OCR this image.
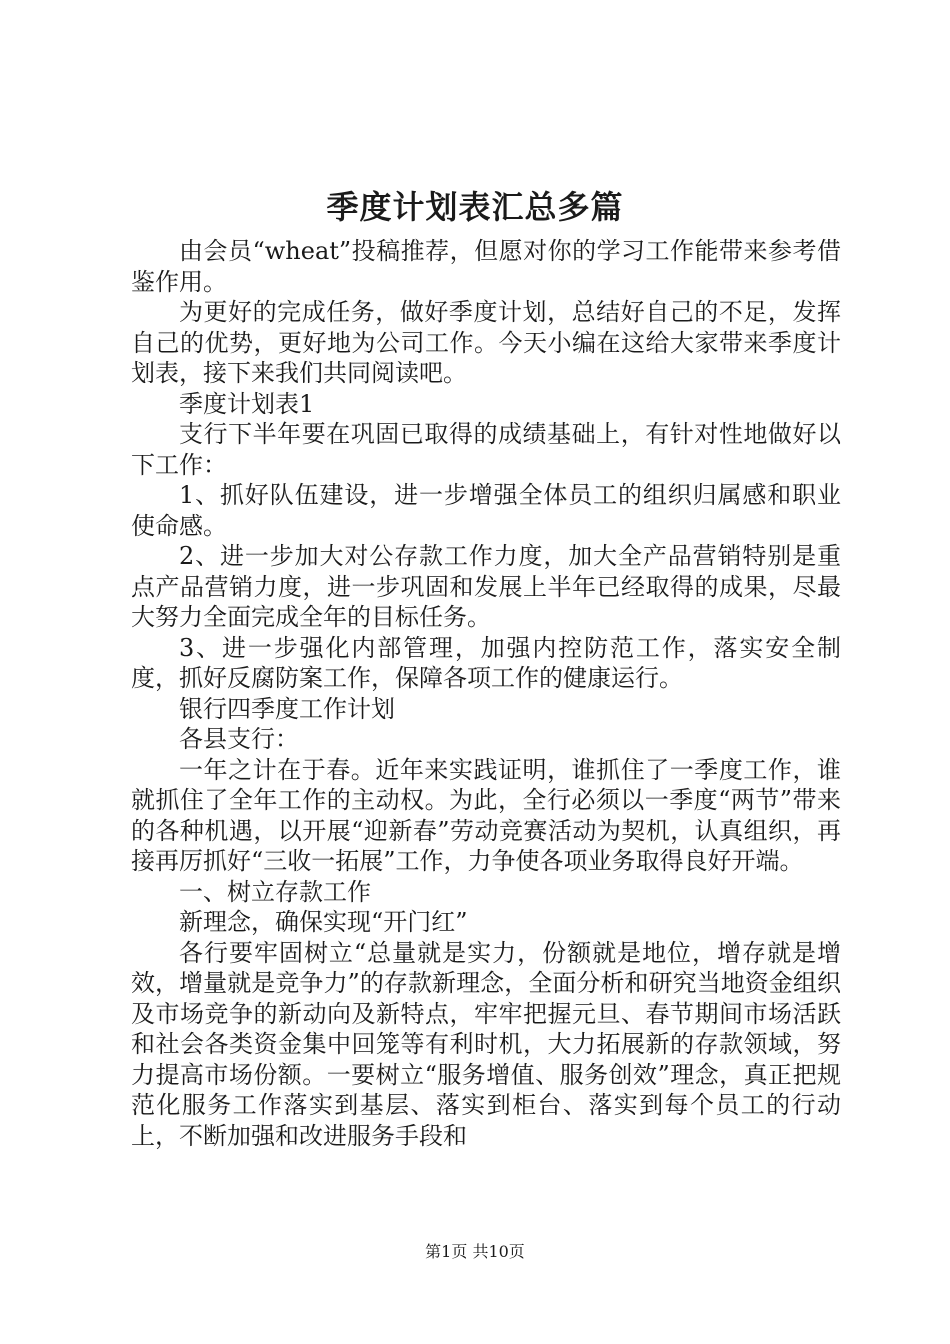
季度计划表汇总多篇

由会员“wheat”投稿推荐，但愿对你的学习工作能带来参考借鉴作用。

为更好的完成任务，做好季度计划，总结好自己的不足，发挥自己的优势，更好地为公司工作。今天小编在这给大家带来季度计划表，接下来我们共同阅读吧。

季度计划表1

支行下半年要在巩固已取得的成绩基础上，有针对性地做好以下工作：

1、抓好队伍建设，进一步增强全体员工的组织归属感和职业使命感。

2、进一步加大对公存款工作力度，加大全产品营销特别是重点产品营销力度，进一步巩固和发展上半年已经取得的成果，尽最大努力全面完成全年的目标任务。

3、进一步强化内部管理，加强内控防范工作，落实安全制度，抓好反腐防案工作，保障各项工作的健康运行。

银行四季度工作计划

各县支行：

一年之计在于春。近年来实践证明，谁抓住了一季度工作，谁就抓住了全年工作的主动权。为此，全行必须以一季度“两节”带来的各种机遇，以开展“迎新春”劳动竞赛活动为契机，认真组织，再接再厉抓好“三收一拓展”工作，力争使各项业务取得良好开端。

一、树立存款工作

新理念，确保实现“开门红”

各行要牢固树立“总量就是实力，份额就是地位，增存就是增效，增量就是竞争力”的存款新理念，全面分析和研究当地资金组织及市场竞争的新动向及新特点，牢牢把握元旦、春节期间市场活跃和社会各类资金集中回笼等有利时机，大力拓展新的存款领域，努力提高市场份额。一要树立“服务增值、服务创效”理念，真正把规范化服务工作落实到基层、落实到柜台、落实到每个员工的行动上，不断加强和改进服务手段和

第1页 共10页
